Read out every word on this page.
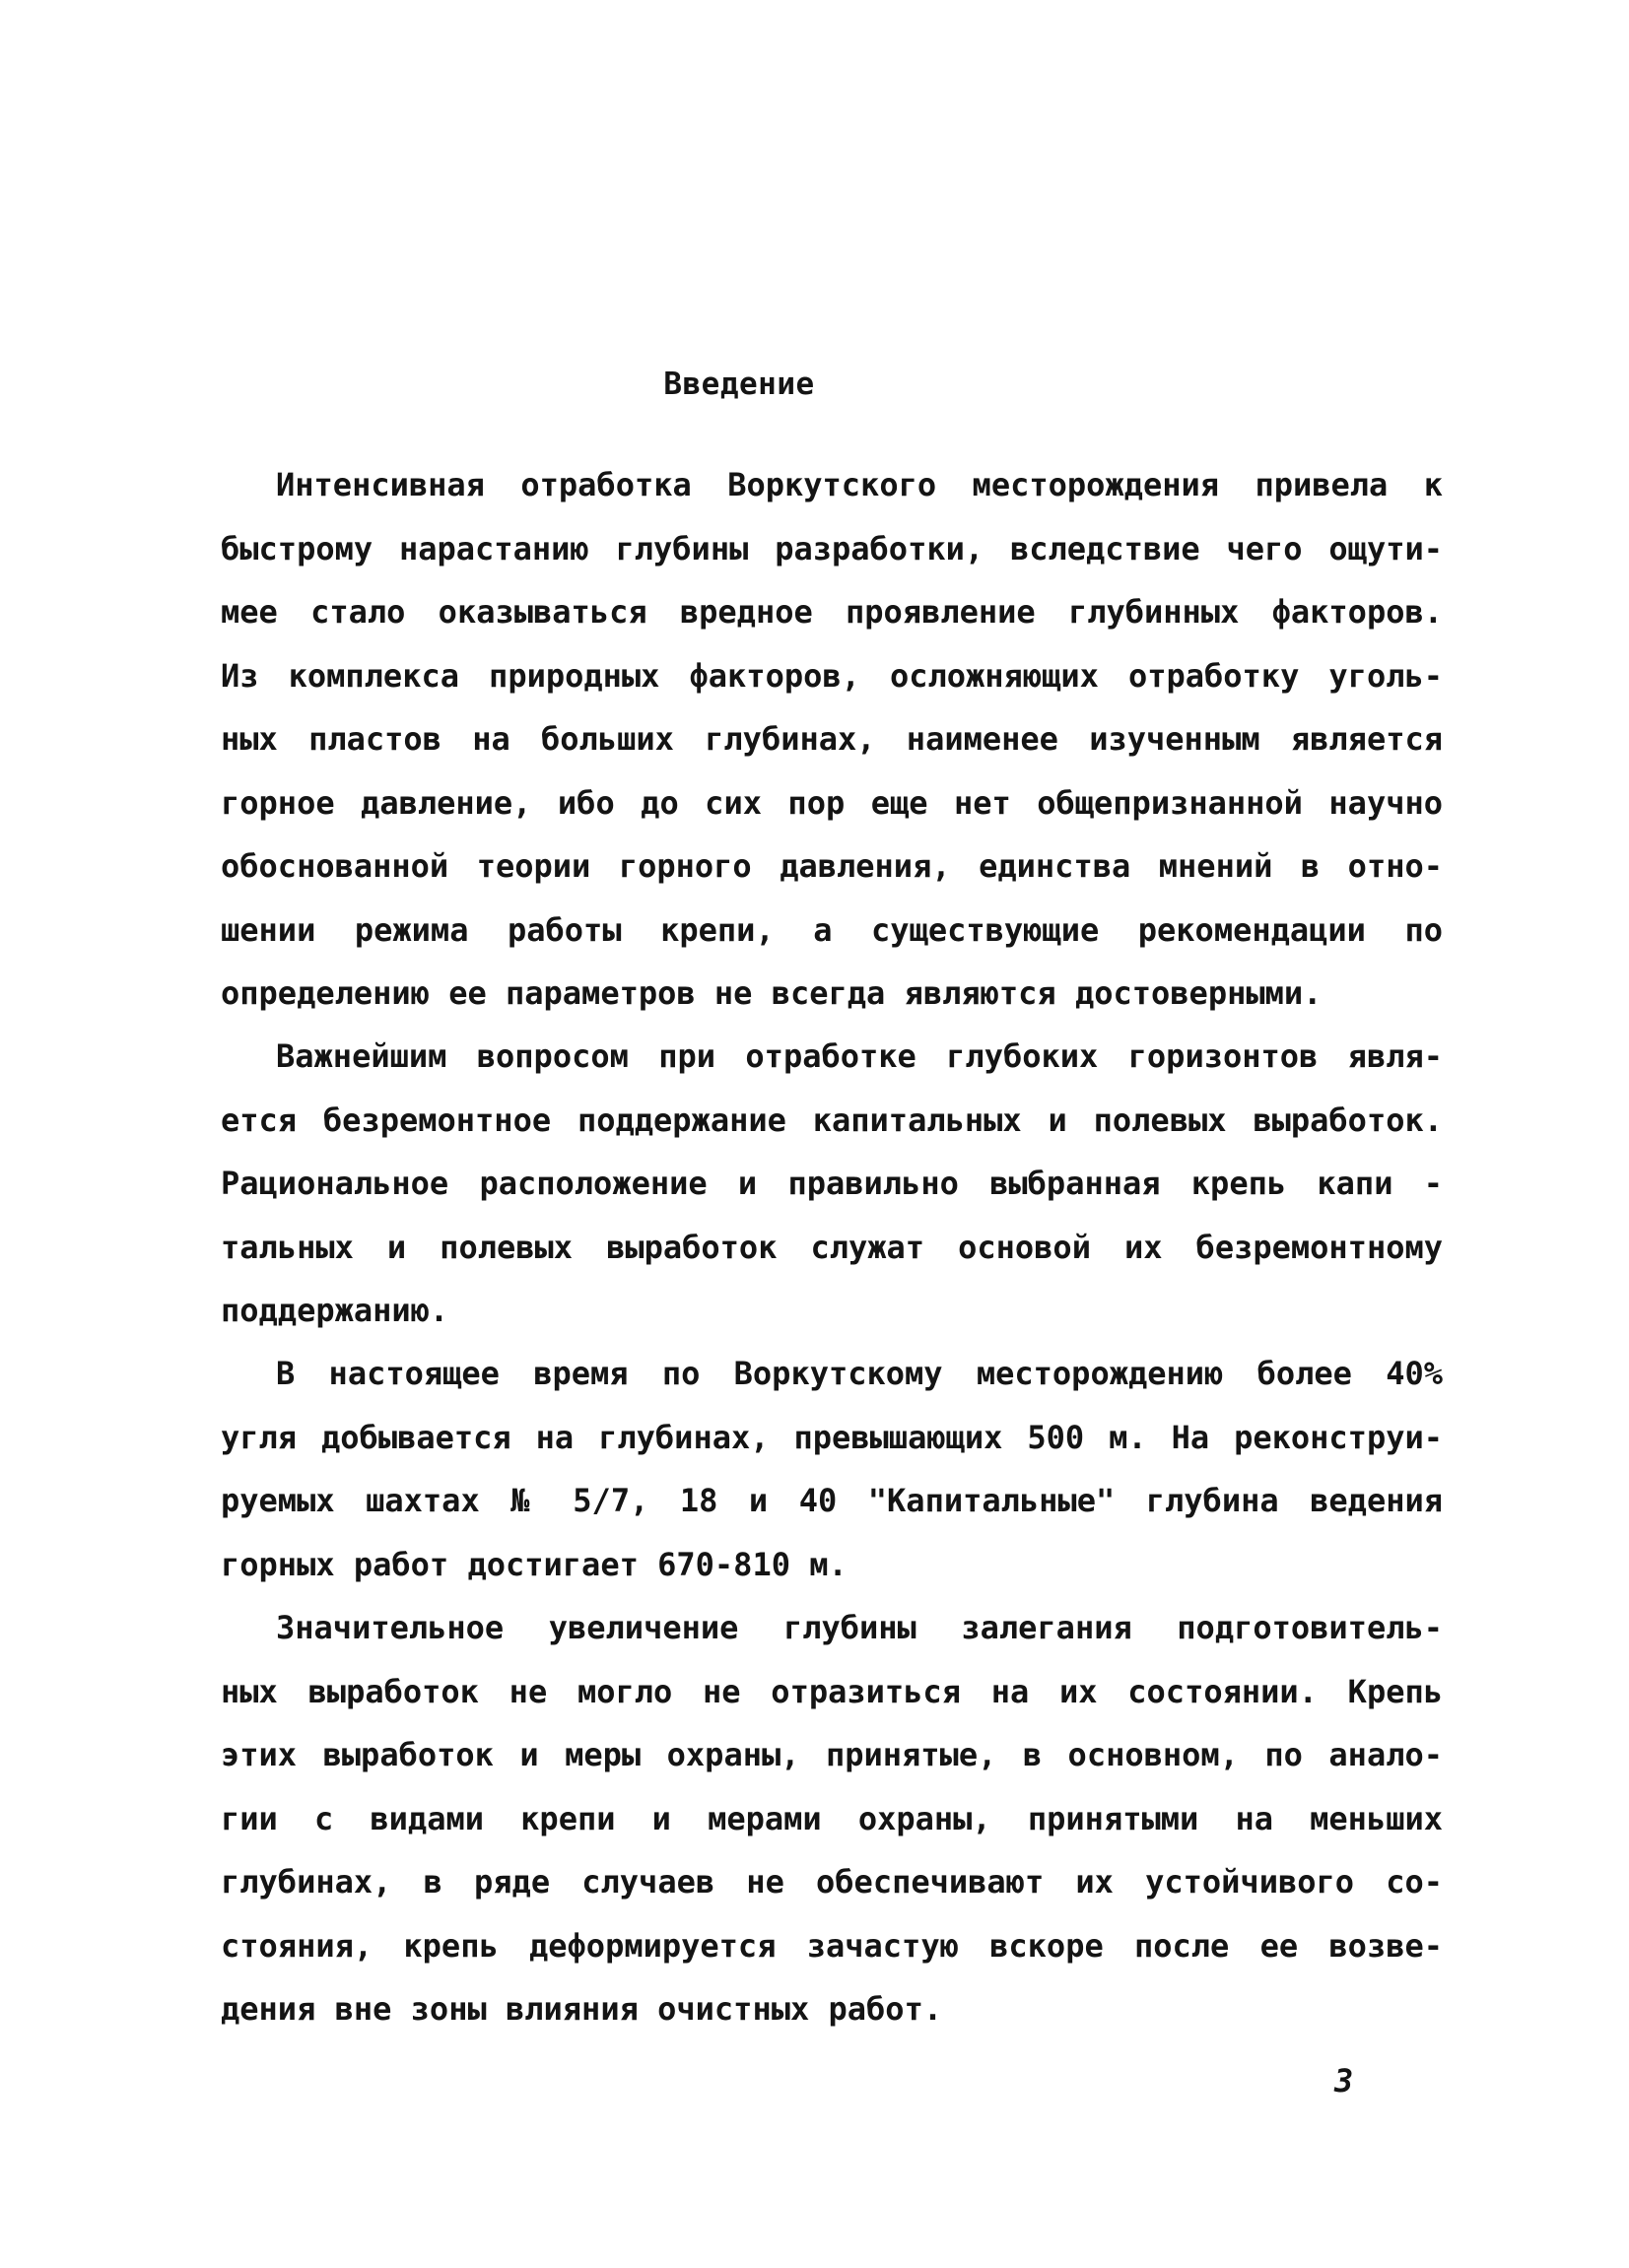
Введение
Интенсивная отработка Воркутского месторождения привела к
быстрому нарастанию глубины разработки, вследствие чего ощути-
мее стало оказываться вредное проявление глубинных факторов.
Из комплекса природных факторов, осложняющих отработку уголь-
ных пластов на больших глубинах, наименее изученным является
горное давление, ибо до сих пор еще нет общепризнанной научно
обоснованной теории горного давления, единства мнений в отно-
шении режима работы крепи, а существующие рекомендации по
определению ее параметров не всегда являются достоверными.
Важнейшим вопросом при отработке глубоких горизонтов явля-
ется безремонтное поддержание капитальных и полевых выработок.
Рациональное расположение и правильно выбранная крепь капи -
тальных и полевых выработок служат основой их безремонтному
поддержанию.
В настоящее время по Воркутскому месторождению более 40%
угля добывается на глубинах, превышающих 500 м. На реконструи-
руемых шахтах № 5/7, 18 и 40 "Капитальные" глубина ведения
горных работ достигает 670-810 м.
Значительное увеличение глубины залегания подготовитель-
ных выработок не могло не отразиться на их состоянии. Крепь
этих выработок и меры охраны, принятые, в основном, по анало-
гии с видами крепи и мерами охраны, принятыми на меньших
глубинах, в ряде случаев не обеспечивают их устойчивого со-
стояния, крепь деформируется зачастую вскоре после ее возве-
дения вне зоны влияния очистных работ.
3
